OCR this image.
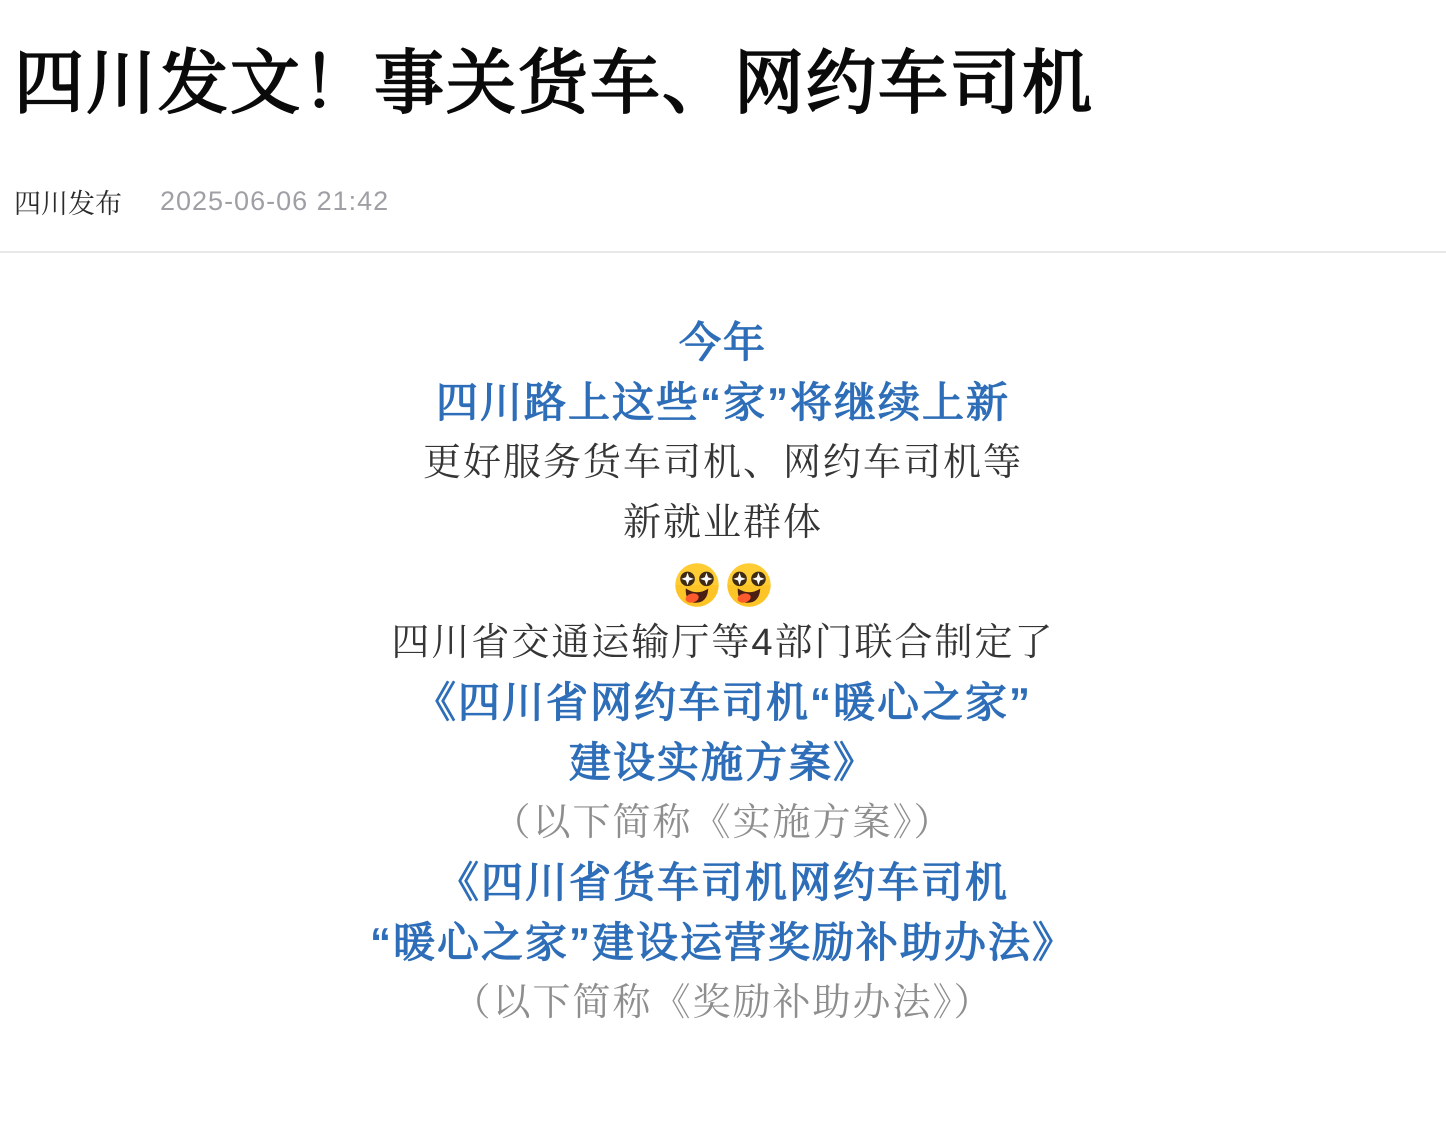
四川发文！事关货车、网约车司机
四川发布 2025-06-06 21:42

今年

四川路上这些“家”将继续上新

更好服务货车司机、网约车司机等

新就业群体

四川省交通运输厅等4部门联合制定了

《四川省网约车司机“暖心之家”

建设实施方案》

（以下简称《实施方案》）

《四川省货车司机网约车司机

“暖心之家”建设运营奖励补助办法》

（以下简称《奖励补助办法》）
